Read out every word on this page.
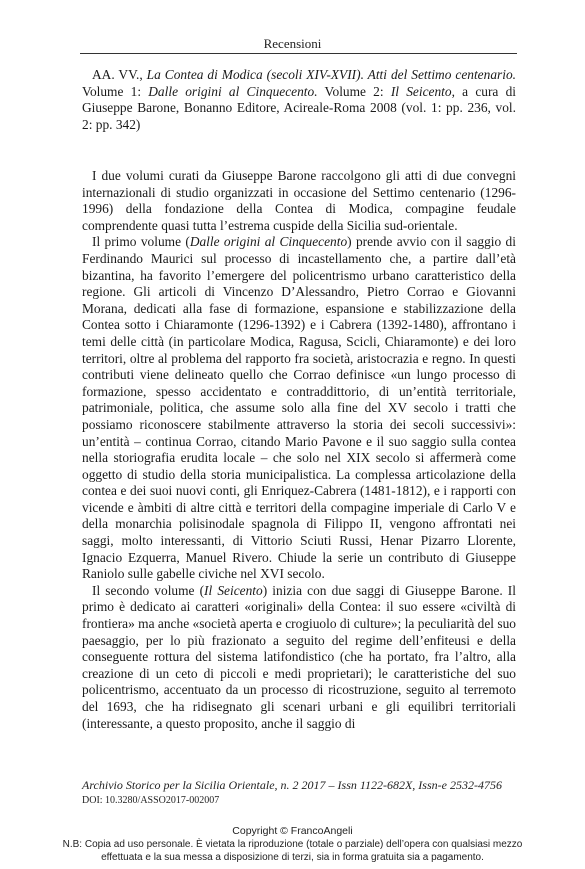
Recensioni
AA. VV., La Contea di Modica (secoli XIV-XVII). Atti del Settimo centenario. Volume 1: Dalle origini al Cinquecento. Volume 2: Il Seicento, a cura di Giuseppe Barone, Bonanno Editore, Acireale-Roma 2008 (vol. 1: pp. 236, vol. 2: pp. 342)

I due volumi curati da Giuseppe Barone raccolgono gli atti di due convegni internazionali di studio organizzati in occasione del Settimo centenario (1296-1996) della fondazione della Contea di Modica, compagine feudale comprendente quasi tutta l’estrema cuspide della Sicilia sud-orientale.

Il primo volume (Dalle origini al Cinquecento) prende avvio con il saggio di Ferdinando Maurici sul processo di incastellamento che, a partire dall’età bizantina, ha favorito l’emergere del policentrismo urbano caratteristico della regione. Gli articoli di Vincenzo D’Alessandro, Pietro Corrao e Giovanni Morana, dedicati alla fase di formazione, espansione e stabilizzazione della Contea sotto i Chiaramonte (1296-1392) e i Cabrera (1392-1480), affrontano i temi delle città (in particolare Modica, Ragusa, Scicli, Chiaramonte) e dei loro territori, oltre al problema del rapporto fra società, aristocrazia e regno. In questi contributi viene delineato quello che Corrao definisce «un lungo processo di formazione, spesso accidentato e contraddittorio, di un’entità territoriale, patrimoniale, politica, che assume solo alla fine del XV secolo i tratti che possiamo riconoscere stabilmente attraverso la storia dei secoli successivi»: un’entità – continua Corrao, citando Mario Pavone e il suo saggio sulla contea nella storiografia erudita locale – che solo nel XIX secolo si affermerà come oggetto di studio della storia municipalistica. La complessa articolazione della contea e dei suoi nuovi conti, gli Enriquez-Cabrera (1481-1812), e i rapporti con vicende e àmbiti di altre città e territori della compagine imperiale di Carlo V e della monarchia polisinodale spagnola di Filippo II, vengono affrontati nei saggi, molto interessanti, di Vittorio Sciuti Russi, Henar Pizarro Llorente, Ignacio Ezquerra, Manuel Rivero. Chiude la serie un contributo di Giuseppe Raniolo sulle gabelle civiche nel XVI secolo.

Il secondo volume (Il Seicento) inizia con due saggi di Giuseppe Barone. Il primo è dedicato ai caratteri «originali» della Contea: il suo essere «civiltà di frontiera» ma anche «società aperta e crogiuolo di culture»; la peculiarità del suo paesaggio, per lo più frazionato a seguito del regime dell’enfiteusi e della conseguente rottura del sistema latifondistico (che ha portato, fra l’altro, alla creazione di un ceto di piccoli e medi proprietari); le caratteristiche del suo policentrismo, accentuato da un processo di ricostruzione, seguito al terremoto del 1693, che ha ridisegnato gli scenari urbani e gli equilibri territoriali (interessante, a questo proposito, anche il saggio di

Archivio Storico per la Sicilia Orientale, n. 2 2017 – Issn 1122-682X, Issn-e 2532-4756
DOI: 10.3280/ASSO2017-002007
Copyright © FrancoAngeli
N.B: Copia ad uso personale. È vietata la riproduzione (totale o parziale) dell’opera con qualsiasi mezzo effettuata e la sua messa a disposizione di terzi, sia in forma gratuita sia a pagamento.
